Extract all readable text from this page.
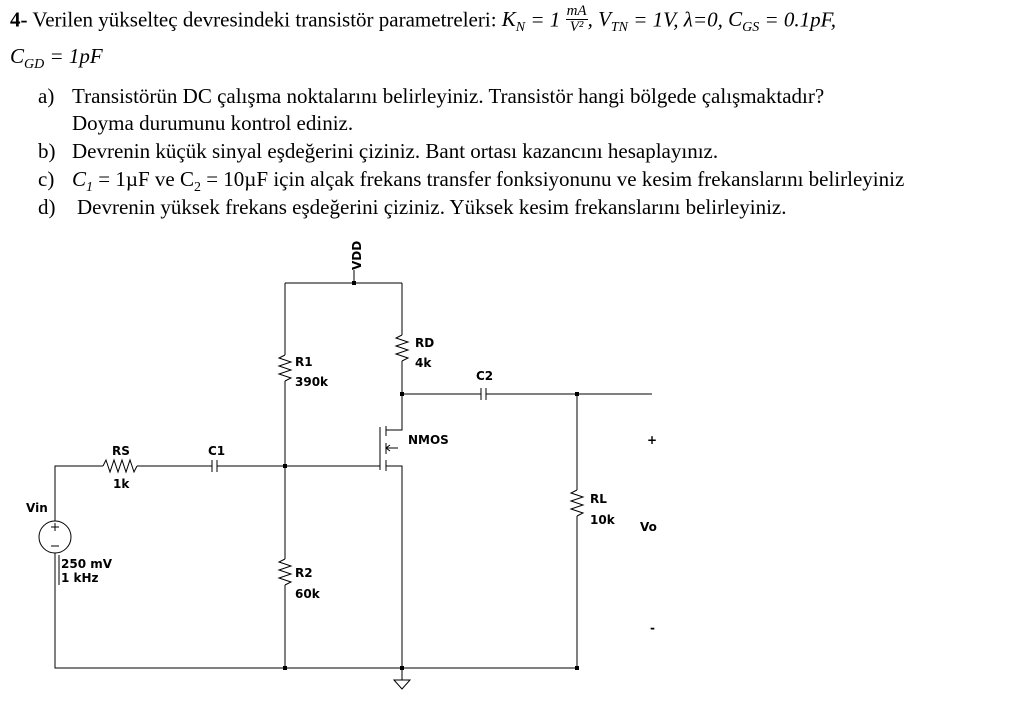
4- Verilen yükselteç devresindeki transistör parametreleri: $K_N = 1 \frac{mA}{\text{V²}}$ , $V_{TN} = 1V$, λ=0, $C_{GS} = 0.1pF$,
$C_{GD} = 1pF$
a) Transistörün DC çalışma noktalarını belirleyiniz. Transistör hangi bölgede çalışmaktadır?
Doyma durumunu kontrol ediniz.
b) Devrenin küçük sinyal eşdeğerini çiziniz. Bant ortası kazancını hesaplayınız.
c) $C_1 = 1\mu F$ ve $C_2 = 10\mu F$ için alçak frekans transfer fonksiyonunu ve kesim frekanslarını belirleyiniz
d) Devrenin yüksek frekans eşdeğerini çiziniz. Yüksek kesim frekanslarını belirleyiniz.
VDD
R1
390k
RD
4k
C2
NMOS
RS
1k
C1
Vin
250 mV
1 kHz	R2
60k
RL
10k Vo
+
-
